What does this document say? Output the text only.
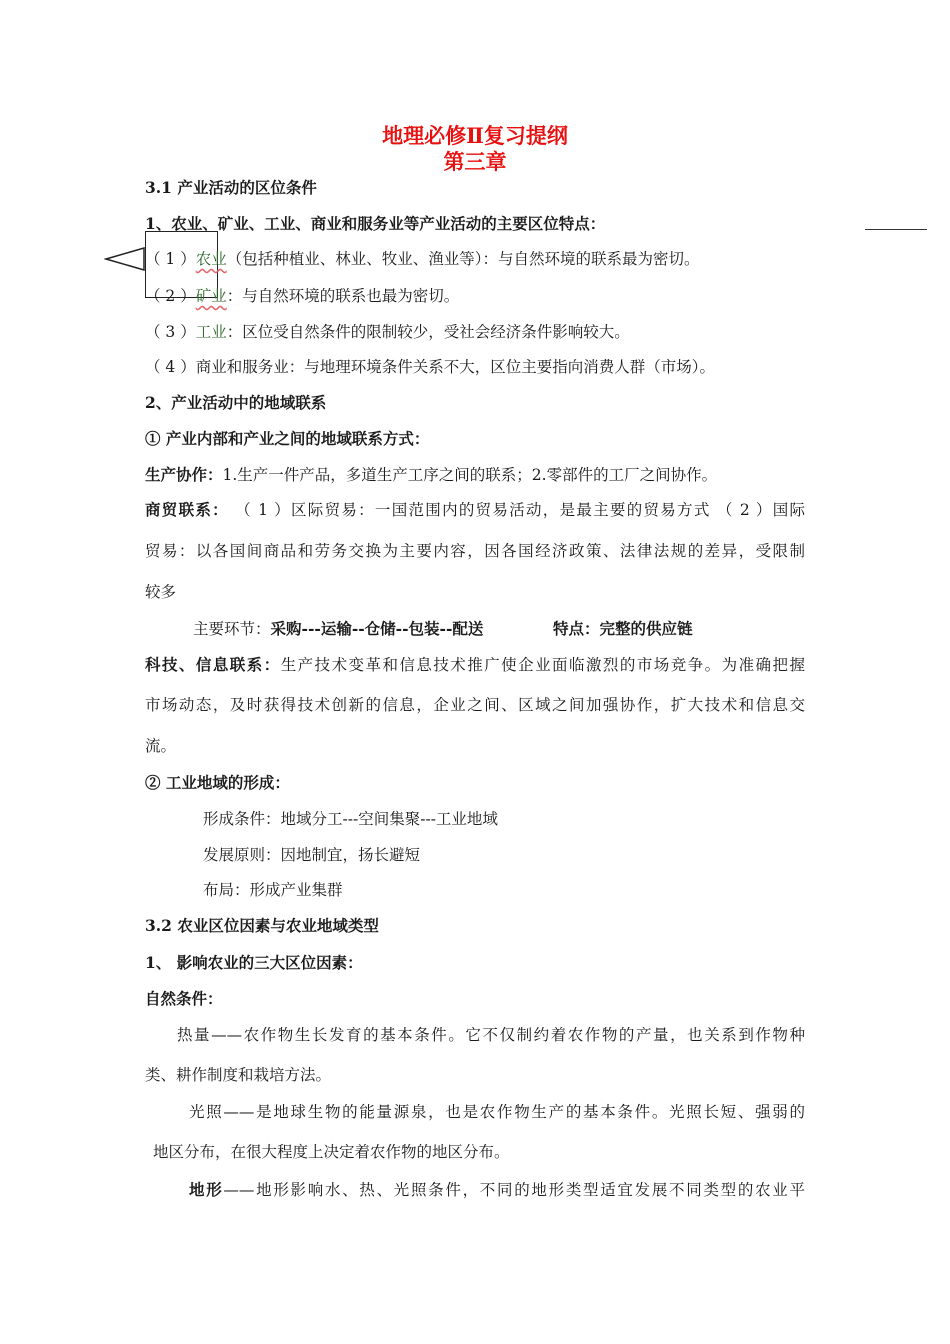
地理必修Ⅱ复习提纲
第三章
3.1 产业活动的区位条件
1、农业、矿业、工业、商业和服务业等产业活动的主要区位特点：
（ 1 ）农业（包括种植业、林业、牧业、渔业等）：与自然环境的联系最为密切。
（ 2 ）矿业：与自然环境的联系也最为密切。
（ 3 ）工业：区位受自然条件的限制较少，受社会经济条件影响较大。
（ 4 ）商业和服务业：与地理环境条件关系不大，区位主要指向消费人群（市场）。
2、产业活动中的地域联系
① 产业内部和产业之间的地域联系方式：
生产协作：1.生产一件产品，多道生产工序之间的联系；2.零部件的工厂之间协作。
商贸联系： （ 1 ）区际贸易：一国范围内的贸易活动，是最主要的贸易方式 （ 2 ）国际
贸易：以各国间商品和劳务交换为主要内容，因各国经济政策、法律法规的差异，受限制
较多
主要环节：采购---运输--仓储--包装--配送	特点：完整的供应链
科技、信息联系：生产技术变革和信息技术推广使企业面临激烈的市场竞争。为准确把握
市场动态，及时获得技术创新的信息，企业之间、区域之间加强协作，扩大技术和信息交
流。
② 工业地域的形成：
形成条件：地域分工---空间集聚---工业地域
发展原则：因地制宜，扬长避短
布局：形成产业集群
3.2 农业区位因素与农业地域类型
1、 影响农业的三大区位因素：
自然条件：
热量——农作物生长发育的基本条件。它不仅制约着农作物的产量，也关系到作物种
类、耕作制度和栽培方法。
光照——是地球生物的能量源泉，也是农作物生产的基本条件。光照长短、强弱的
地区分布，在很大程度上决定着农作物的地区分布。
地形——地形影响水、热、光照条件，不同的地形类型适宜发展不同类型的农业平
